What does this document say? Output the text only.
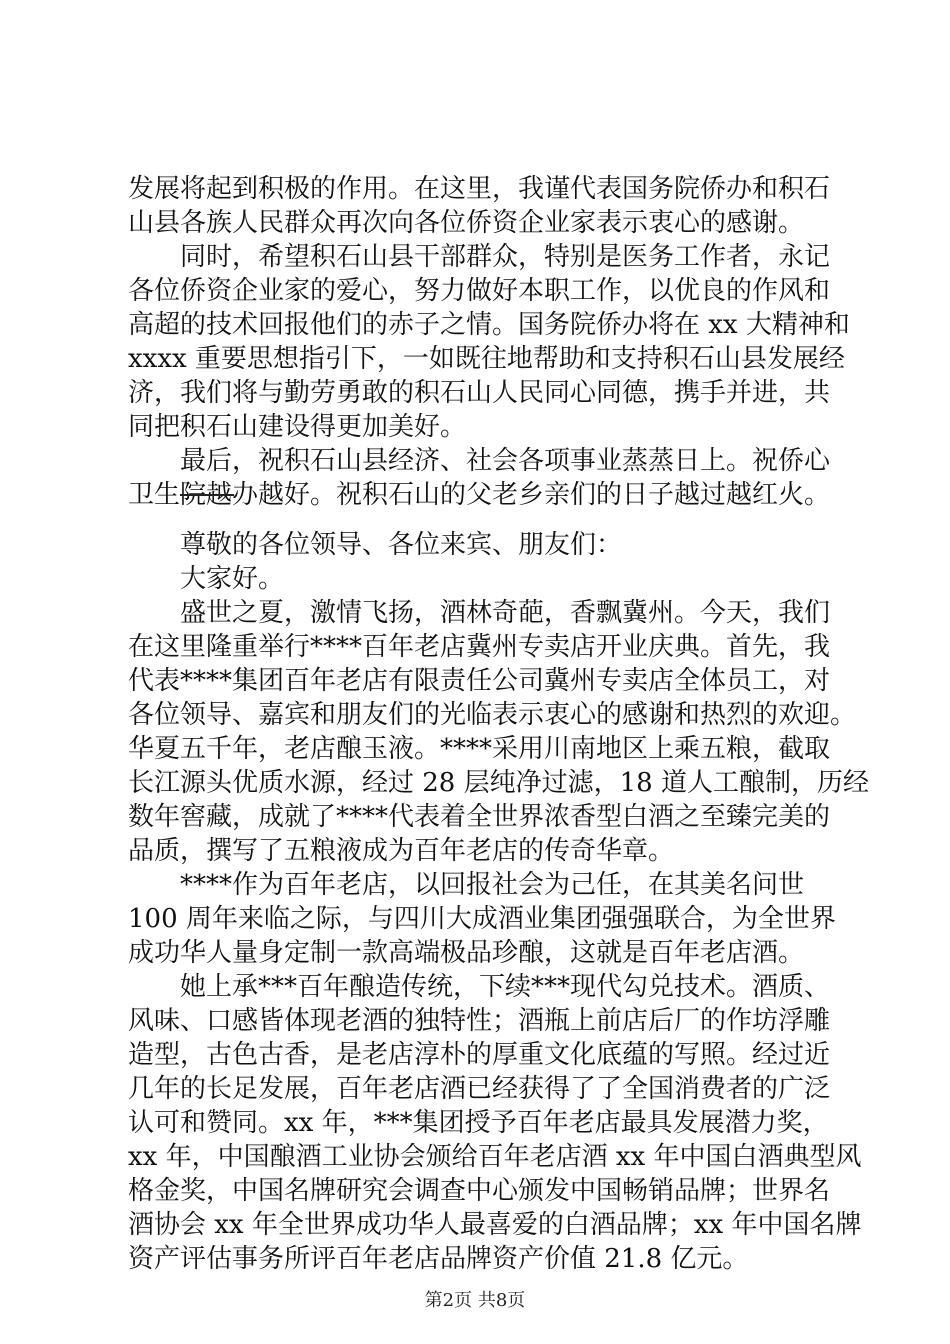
发展将起到积极的作用。在这里，我谨代表国务院侨办和积石
山县各族人民群众再次向各位侨资企业家表示衷心的感谢。
同时，希望积石山县干部群众，特别是医务工作者，永记
各位侨资企业家的爱心，努力做好本职工作，以优良的作风和
高超的技术回报他们的赤子之情。国务院侨办将在 xx 大精神和
xxxx 重要思想指引下，一如既往地帮助和支持积石山县发展经
济，我们将与勤劳勇敢的积石山人民同心同德，携手并进，共
同把积石山建设得更加美好。
最后，祝积石山县经济、社会各项事业蒸蒸日上。祝侨心
卫生院越办越好。祝积石山的父老乡亲们的日子越过越红火。
尊敬的各位领导、各位来宾、朋友们：
大家好。
盛世之夏，激情飞扬，酒林奇葩，香飘冀州。今天，我们
在这里隆重举行****百年老店冀州专卖店开业庆典。首先，我
代表****集团百年老店有限责任公司冀州专卖店全体员工，对
各位领导、嘉宾和朋友们的光临表示衷心的感谢和热烈的欢迎。
华夏五千年，老店酿玉液。****采用川南地区上乘五粮，截取
长江源头优质水源，经过 28 层纯净过滤，18 道人工酿制，历经
数年窖藏，成就了****代表着全世界浓香型白酒之至臻完美的
品质，撰写了五粮液成为百年老店的传奇华章。
****作为百年老店，以回报社会为己任，在其美名问世
100 周年来临之际，与四川大成酒业集团强强联合，为全世界
成功华人量身定制一款高端极品珍酿，这就是百年老店酒。
她上承***百年酿造传统，下续***现代勾兑技术。酒质、
风味、口感皆体现老酒的独特性；酒瓶上前店后厂的作坊浮雕
造型，古色古香，是老店淳朴的厚重文化底蕴的写照。经过近
几年的长足发展，百年老店酒已经获得了了全国消费者的广泛
认可和赞同。xx 年，***集团授予百年老店最具发展潜力奖，
xx 年，中国酿酒工业协会颁给百年老店酒 xx 年中国白酒典型风
格金奖，中国名牌研究会调查中心颁发中国畅销品牌；世界名
酒协会 xx 年全世界成功华人最喜爱的白酒品牌；xx 年中国名牌
资产评估事务所评百年老店品牌资产价值 21.8 亿元。
第2页 共8页
